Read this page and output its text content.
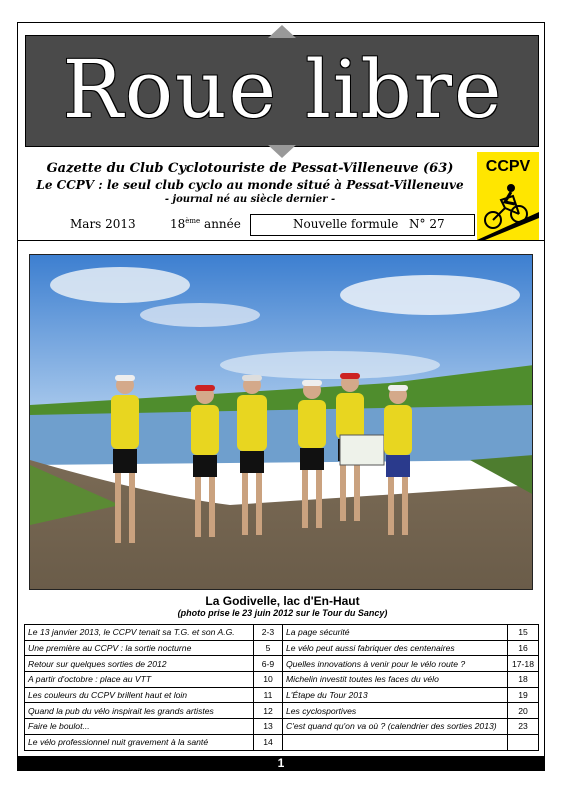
Roue libre
Gazette du Club Cyclotouriste de Pessat-Villeneuve (63)
Le CCPV : le seul club cyclo au monde situé à Pessat-Villeneuve
- journal né au siècle dernier -
CCPV
Mars 2013	18ème année	Nouvelle formule N° 27
La Godivelle, lac d'En-Haut
(photo prise le 23 juin 2012 sur le Tour du Sancy)
Le 13 janvier 2013, le CCPV tenait sa T.G. et son A.G.	2-3	La page sécurité	15
Une première au CCPV : la sortie nocturne	5	Le vélo peut aussi fabriquer des centenaires	16
Retour sur quelques sorties de 2012	6-9	Quelles innovations à venir pour le vélo route ?	17-18
A partir d'octobre : place au VTT	10	Michelin investit toutes les faces du vélo	18
Les couleurs du CCPV brillent haut et loin	11	L'Étape du Tour 2013	19
Quand la pub du vélo inspirait les grands artistes	12	Les cyclosportives	20
Faire le boulot...	13	C'est quand qu'on va où ? (calendrier des sorties 2013)	23
Le vélo professionnel nuit gravement à la santé	14		
1
